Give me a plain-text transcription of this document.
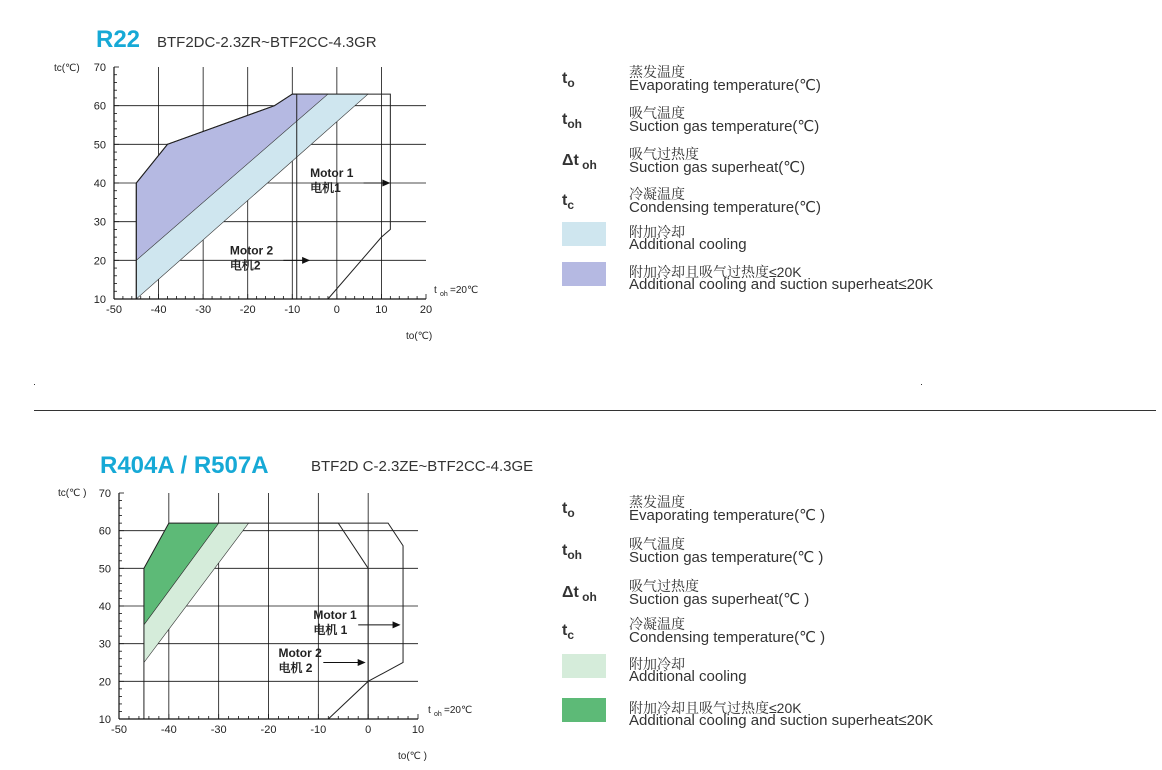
R22 BTF2DC-2.3ZR~BTF2CC-4.3GR
Motor 1
电机1
Motor 2
电机2
-50	-40	-30	-20	-10	0	10	20
10
20
30
40
50
60
70
tc(℃)
to(℃)
t oh =20℃
$t_o$
蒸发温度
Evaporating temperature(℃)
$t_{oh}$
吸气温度
Suction gas temperature(℃)
Δt $_{oh}$
吸气过热度
Suction gas superheat(℃)
$t_c$
冷凝温度
Condensing temperature(℃)
附加冷却
Additional cooling
附加冷却且吸气过热度≤20K
Additional cooling and suction superheat≤20K
R404A / R507A	BTF2D C-2.3ZE~BTF2CC-4.3GE
Motor 1
电机 1
Motor 2
电机 2
-50	-40	-30	-20	-10	0	10
10
20
30
40
50
60
70
tc(℃ )
to(℃ )
t oh =20℃
$t_o$
蒸发温度
Evaporating temperature(℃ )
$t_{oh}$
吸气温度
Suction gas temperature(℃ )
Δt $_{oh}$
吸气过热度
Suction gas superheat(℃ )
$t_c$
冷凝温度
Condensing temperature(℃ )
附加冷却
Additional cooling
附加冷却且吸气过热度≤20K
Additional cooling and suction superheat≤20K
